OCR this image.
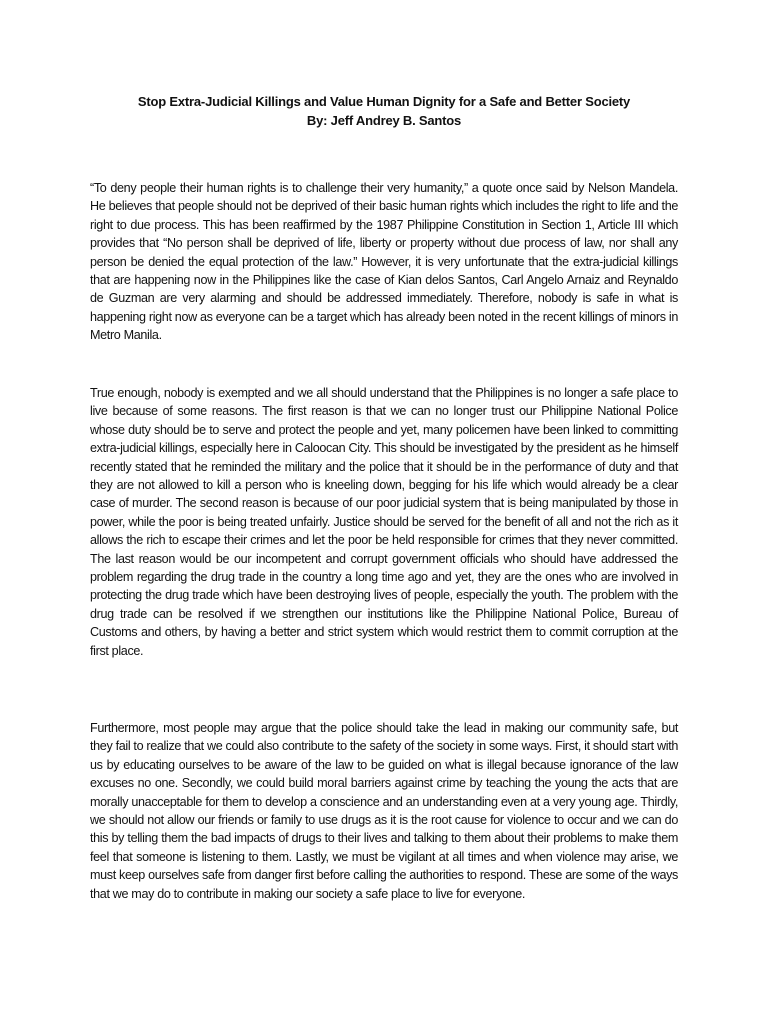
Stop Extra-Judicial Killings and Value Human Dignity for a Safe and Better Society
By: Jeff Andrey B. Santos

“To deny people their human rights is to challenge their very humanity,” a quote once said by Nelson Mandela. He believes that people should not be deprived of their basic human rights which includes the right to life and the right to due process. This has been reaffirmed by the 1987 Philippine Constitution in Section 1, Article III which provides that “No person shall be deprived of life, liberty or property without due process of law, nor shall any person be denied the equal protection of the law.” However, it is very unfortunate that the extra-judicial killings that are happening now in the Philippines like the case of Kian delos Santos, Carl Angelo Arnaiz and Reynaldo de Guzman are very alarming and should be addressed immediately. Therefore, nobody is safe in what is happening right now as everyone can be a target which has already been noted in the recent killings of minors in Metro Manila.

True enough, nobody is exempted and we all should understand that the Philippines is no longer a safe place to live because of some reasons. The first reason is that we can no longer trust our Philippine National Police whose duty should be to serve and protect the people and yet, many policemen have been linked to committing extra-judicial killings, especially here in Caloocan City. This should be investigated by the president as he himself recently stated that he reminded the military and the police that it should be in the performance of duty and that they are not allowed to kill a person who is kneeling down, begging for his life which would already be a clear case of murder. The second reason is because of our poor judicial system that is being manipulated by those in power, while the poor is being treated unfairly. Justice should be served for the benefit of all and not the rich as it allows the rich to escape their crimes and let the poor be held responsible for crimes that they never committed. The last reason would be our incompetent and corrupt government officials who should have addressed the problem regarding the drug trade in the country a long time ago and yet, they are the ones who are involved in protecting the drug trade which have been destroying lives of people, especially the youth. The problem with the drug trade can be resolved if we strengthen our institutions like the Philippine National Police, Bureau of Customs and others, by having a better and strict system which would restrict them to commit corruption at the first place.

Furthermore, most people may argue that the police should take the lead in making our community safe, but they fail to realize that we could also contribute to the safety of the society in some ways. First, it should start with us by educating ourselves to be aware of the law to be guided on what is illegal because ignorance of the law excuses no one. Secondly, we could build moral barriers against crime by teaching the young the acts that are morally unacceptable for them to develop a conscience and an understanding even at a very young age. Thirdly, we should not allow our friends or family to use drugs as it is the root cause for violence to occur and we can do this by telling them the bad impacts of drugs to their lives and talking to them about their problems to make them feel that someone is listening to them. Lastly, we must be vigilant at all times and when violence may arise, we must keep ourselves safe from danger first before calling the authorities to respond. These are some of the ways that we may do to contribute in making our society a safe place to live for everyone.
